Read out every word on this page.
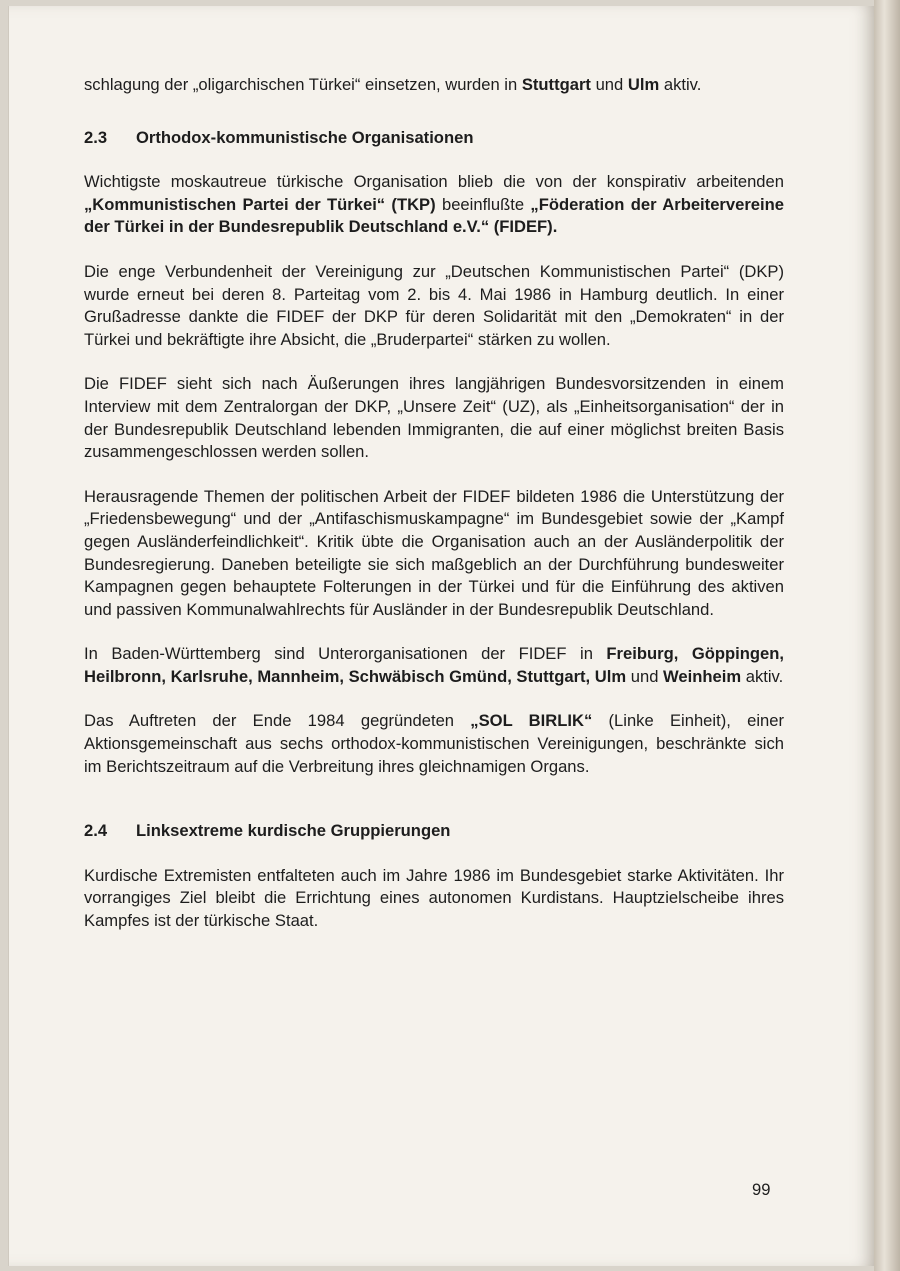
schlagung der „oligarchischen Türkei“ einsetzen, wurden in Stuttgart und Ulm aktiv.

2.3 Orthodox-kommunistische Organisationen

Wichtigste moskautreue türkische Organisation blieb die von der konspirativ arbeitenden „Kommunistischen Partei der Türkei“ (TKP) beeinflußte „Föderation der Arbeitervereine der Türkei in der Bundesrepublik Deutschland e.V.“ (FIDEF).

Die enge Verbundenheit der Vereinigung zur „Deutschen Kommunistischen Partei“ (DKP) wurde erneut bei deren 8. Parteitag vom 2. bis 4. Mai 1986 in Hamburg deutlich. In einer Grußadresse dankte die FIDEF der DKP für deren Solidarität mit den „Demokraten“ in der Türkei und bekräftigte ihre Absicht, die „Bruderpartei“ stärken zu wollen.

Die FIDEF sieht sich nach Äußerungen ihres langjährigen Bundesvorsitzenden in einem Interview mit dem Zentralorgan der DKP, „Unsere Zeit“ (UZ), als „Einheitsorganisation“ der in der Bundesrepublik Deutschland lebenden Immigranten, die auf einer möglichst breiten Basis zusammengeschlossen werden sollen.

Herausragende Themen der politischen Arbeit der FIDEF bildeten 1986 die Unterstützung der „Friedensbewegung“ und der „Antifaschismuskampagne“ im Bundesgebiet sowie der „Kampf gegen Ausländerfeindlichkeit“. Kritik übte die Organisation auch an der Ausländerpolitik der Bundesregierung. Daneben beteiligte sie sich maßgeblich an der Durchführung bundesweiter Kampagnen gegen behauptete Folterungen in der Türkei und für die Einführung des aktiven und passiven Kommunalwahlrechts für Ausländer in der Bundesrepublik Deutschland.

In Baden-Württemberg sind Unterorganisationen der FIDEF in Freiburg, Göppingen, Heilbronn, Karlsruhe, Mannheim, Schwäbisch Gmünd, Stuttgart, Ulm und Weinheim aktiv.

Das Auftreten der Ende 1984 gegründeten „SOL BIRLIK“ (Linke Einheit), einer Aktionsgemeinschaft aus sechs orthodox-kommunistischen Vereinigungen, beschränkte sich im Berichtszeitraum auf die Verbreitung ihres gleichnamigen Organs.

2.4 Linksextreme kurdische Gruppierungen

Kurdische Extremisten entfalteten auch im Jahre 1986 im Bundesgebiet starke Aktivitäten. Ihr vorrangiges Ziel bleibt die Errichtung eines autonomen Kurdistans. Hauptzielscheibe ihres Kampfes ist der türkische Staat.

99
